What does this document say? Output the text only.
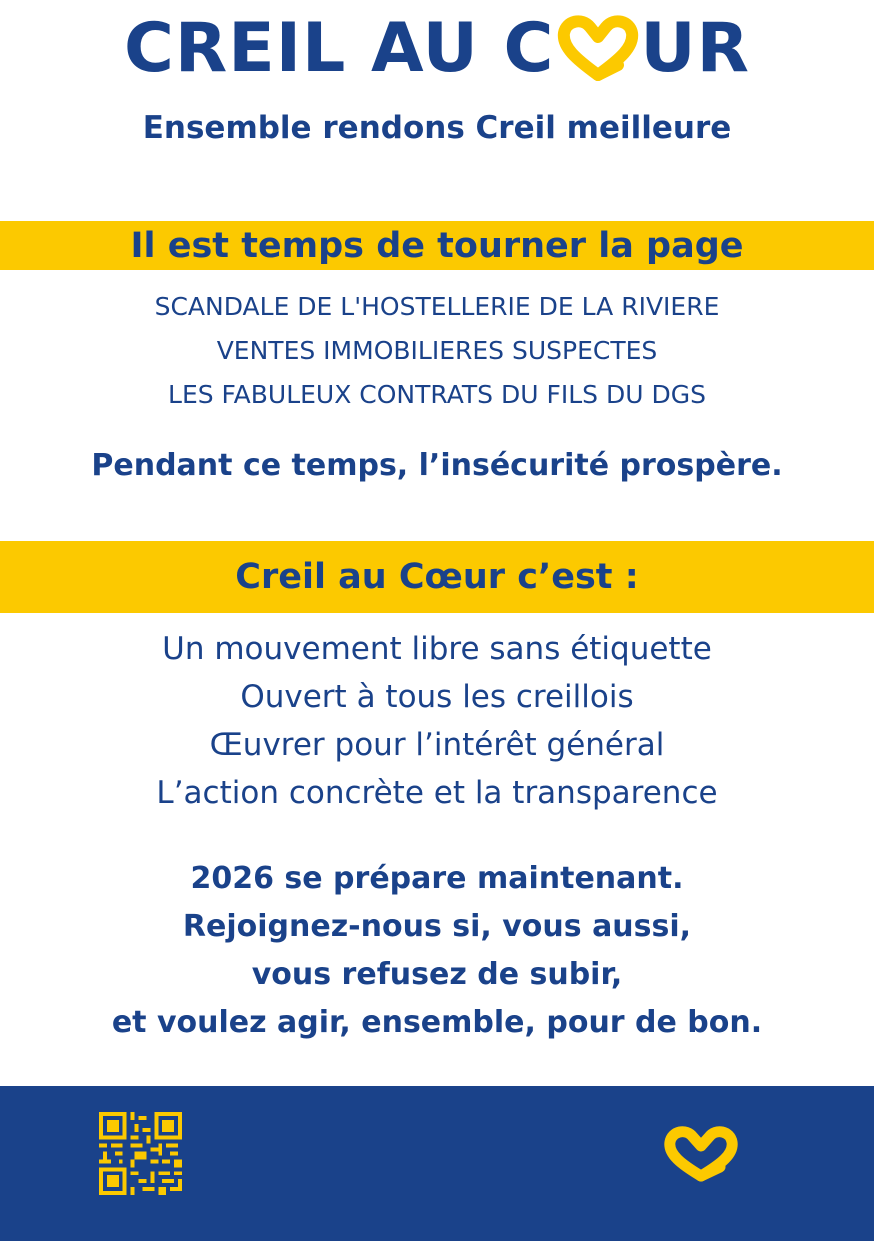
CREIL AU C UR

Ensemble rendons Creil meilleure

Il est temps de tourner la page
SCANDALE DE L'HOSTELLERIE DE LA RIVIERE
VENTES IMMOBILIERES SUSPECTES
LES FABULEUX CONTRATS DU FILS DU DGS

Pendant ce temps, l’insécurité prospère.

Creil au Cœur c’est :
Un mouvement libre sans étiquette
Ouvert à tous les creillois
Œuvrer pour l’intérêt général
L’action concrète et la transparence

2026 se prépare maintenant.

Rejoignez-nous si, vous aussi,

vous refusez de subir,

et voulez agir, ensemble, pour de bon.
